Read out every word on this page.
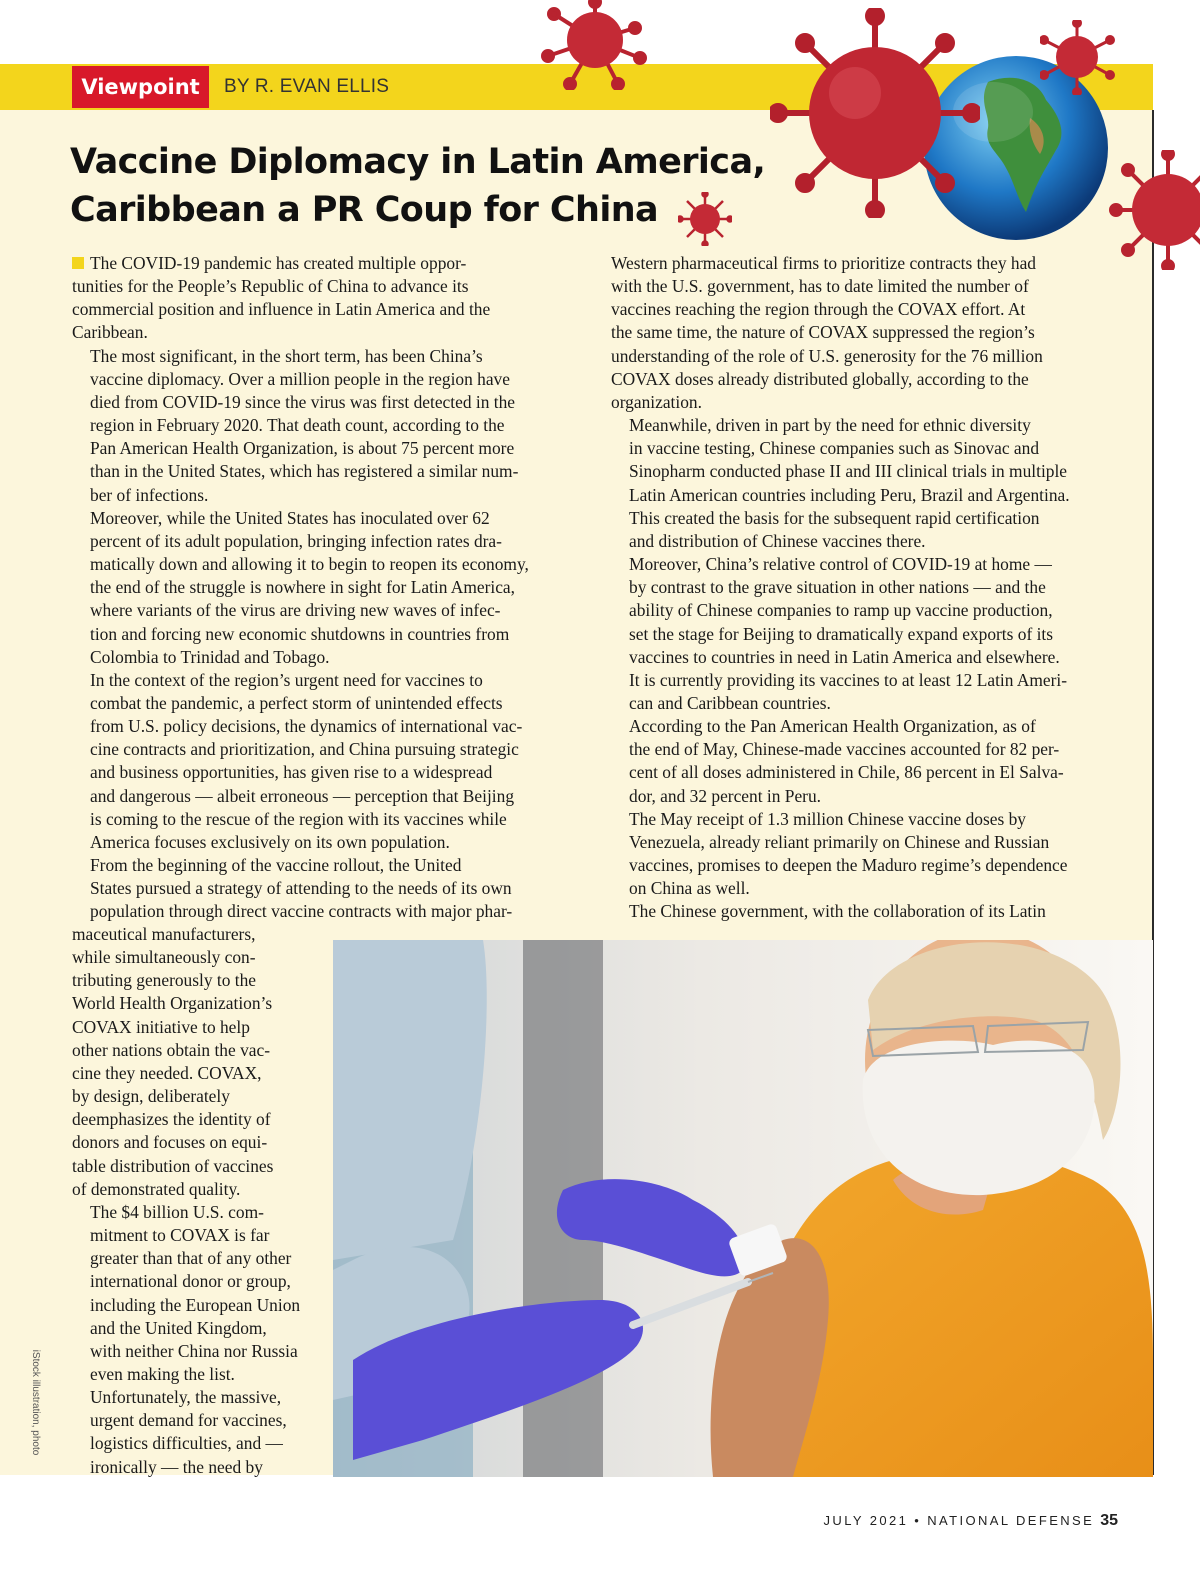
Viewpoint	BY R. EVAN ELLIS
Vaccine Diplomacy in Latin America,
Caribbean a PR Coup for China

The COVID-19 pandemic has created multiple oppor-

tunities for the People’s Republic of China to advance its
commercial position and influence in Latin America and the
Caribbean.

The most significant, in the short term, has been China’s
vaccine diplomacy. Over a million people in the region have
died from COVID-19 since the virus was first detected in the
region in February 2020. That death count, according to the
Pan American Health Organization, is about 75 percent more
than in the United States, which has registered a similar num-
ber of infections.

Moreover, while the United States has inoculated over 62
percent of its adult population, bringing infection rates dra-
matically down and allowing it to begin to reopen its economy,
the end of the struggle is nowhere in sight for Latin America,
where variants of the virus are driving new waves of infec-
tion and forcing new economic shutdowns in countries from
Colombia to Trinidad and Tobago.

In the context of the region’s urgent need for vaccines to
combat the pandemic, a perfect storm of unintended effects
from U.S. policy decisions, the dynamics of international vac-
cine contracts and prioritization, and China pursuing strategic
and business opportunities, has given rise to a widespread
and dangerous — albeit erroneous — perception that Beijing
is coming to the rescue of the region with its vaccines while
America focuses exclusively on its own population.

From the beginning of the vaccine rollout, the United
States pursued a strategy of attending to the needs of its own
population through direct vaccine contracts with major phar-

Western pharmaceutical firms to prioritize contracts they had
with the U.S. government, has to date limited the number of
vaccines reaching the region through the COVAX effort. At
the same time, the nature of COVAX suppressed the region’s
understanding of the role of U.S. generosity for the 76 million
COVAX doses already distributed globally, according to the
organization.

Meanwhile, driven in part by the need for ethnic diversity
in vaccine testing, Chinese companies such as Sinovac and
Sinopharm conducted phase II and III clinical trials in multiple
Latin American countries including Peru, Brazil and Argentina.
This created the basis for the subsequent rapid certification
and distribution of Chinese vaccines there.

Moreover, China’s relative control of COVID-19 at home —
by contrast to the grave situation in other nations — and the
ability of Chinese companies to ramp up vaccine production,
set the stage for Beijing to dramatically expand exports of its
vaccines to countries in need in Latin America and elsewhere.
It is currently providing its vaccines to at least 12 Latin Ameri-
can and Caribbean countries.

According to the Pan American Health Organization, as of
the end of May, Chinese-made vaccines accounted for 82 per-
cent of all doses administered in Chile, 86 percent in El Salva-
dor, and 32 percent in Peru.

The May receipt of 1.3 million Chinese vaccine doses by
Venezuela, already reliant primarily on Chinese and Russian
vaccines, promises to deepen the Maduro regime’s dependence
on China as well.

The Chinese government, with the collaboration of its Latin

maceutical manufacturers,
while simultaneously con-
tributing generously to the
World Health Organization’s
COVAX initiative to help
other nations obtain the vac-
cine they needed. COVAX,
by design, deliberately
deemphasizes the identity of
donors and focuses on equi-
table distribution of vaccines
of demonstrated quality.

The $4 billion U.S. com-
mitment to COVAX is far
greater than that of any other
international donor or group,
including the European Union
and the United Kingdom,
with neither China nor Russia
even making the list.

Unfortunately, the massive,
urgent demand for vaccines,
logistics difficulties, and —
ironically — the need by

iStock illustration, photo
JULY 2021 • NATIONAL DEFENSE 35
